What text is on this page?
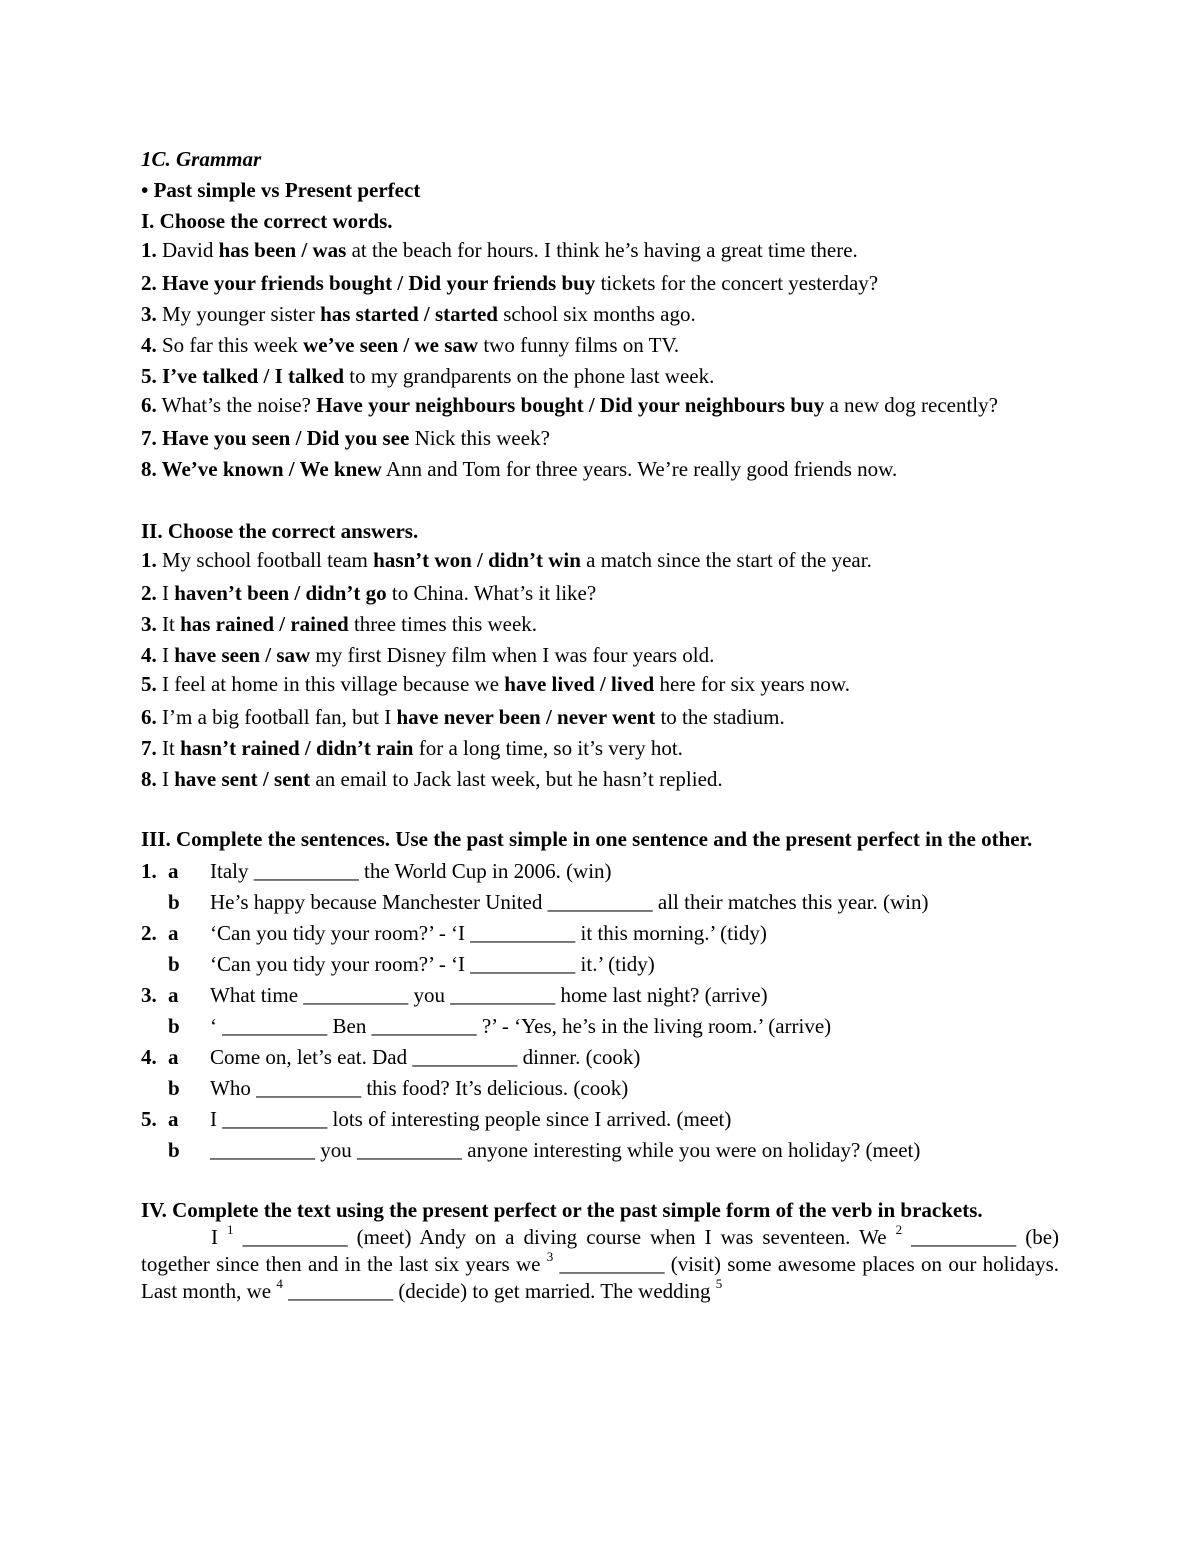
1C. Grammar
• Past simple vs Present perfect
I. Choose the correct words.
1. David has been / was at the beach for hours. I think he’s having a great time there.
2. Have your friends bought / Did your friends buy tickets for the concert yesterday?
3. My younger sister has started / started school six months ago.
4. So far this week we’ve seen / we saw two funny films on TV.
5. I’ve talked / I talked to my grandparents on the phone last week.
6. What’s the noise? Have your neighbours bought / Did your neighbours buy a new dog recently?
7. Have you seen / Did you see Nick this week?
8. We’ve known / We knew Ann and Tom for three years. We’re really good friends now.
II. Choose the correct answers.
1. My school football team hasn’t won / didn’t win a match since the start of the year.
2. I haven’t been / didn’t go to China. What’s it like?
3. It has rained / rained three times this week.
4. I have seen / saw my first Disney film when I was four years old.
5. I feel at home in this village because we have lived / lived here for six years now.
6. I’m a big football fan, but I have never been / never went to the stadium.
7. It hasn’t rained / didn’t rain for a long time, so it’s very hot.
8. I have sent / sent an email to Jack last week, but he hasn’t replied.
III. Complete the sentences. Use the past simple in one sentence and the present perfect in the other.
1. a	Italy __________ the World Cup in 2006. (win)
b	He’s happy because Manchester United __________ all their matches this year. (win)
2. a	‘Can you tidy your room?’ - ‘I __________ it this morning.’ (tidy)
b	‘Can you tidy your room?’ - ‘I __________ it.’ (tidy)
3. a	What time __________ you __________ home last night? (arrive)
b	‘ __________ Ben __________ ?’ - ‘Yes, he’s in the living room.’ (arrive)
4. a	Come on, let’s eat. Dad __________ dinner. (cook)
b	Who __________ this food? It’s delicious. (cook)
5. a	I __________ lots of interesting people since I arrived. (meet)
b	__________ you __________ anyone interesting while you were on holiday? (meet)
IV. Complete the text using the present perfect or the past simple form of the verb in brackets.
I $^1$ __________ (meet) Andy on a diving course when I was seventeen. We $^2$ __________ (be) together since then and in the last six years we $^3$ __________ (visit) some awesome places on our holidays. Last month, we $^4$ __________ (decide) to get married. The wedding $^5$
